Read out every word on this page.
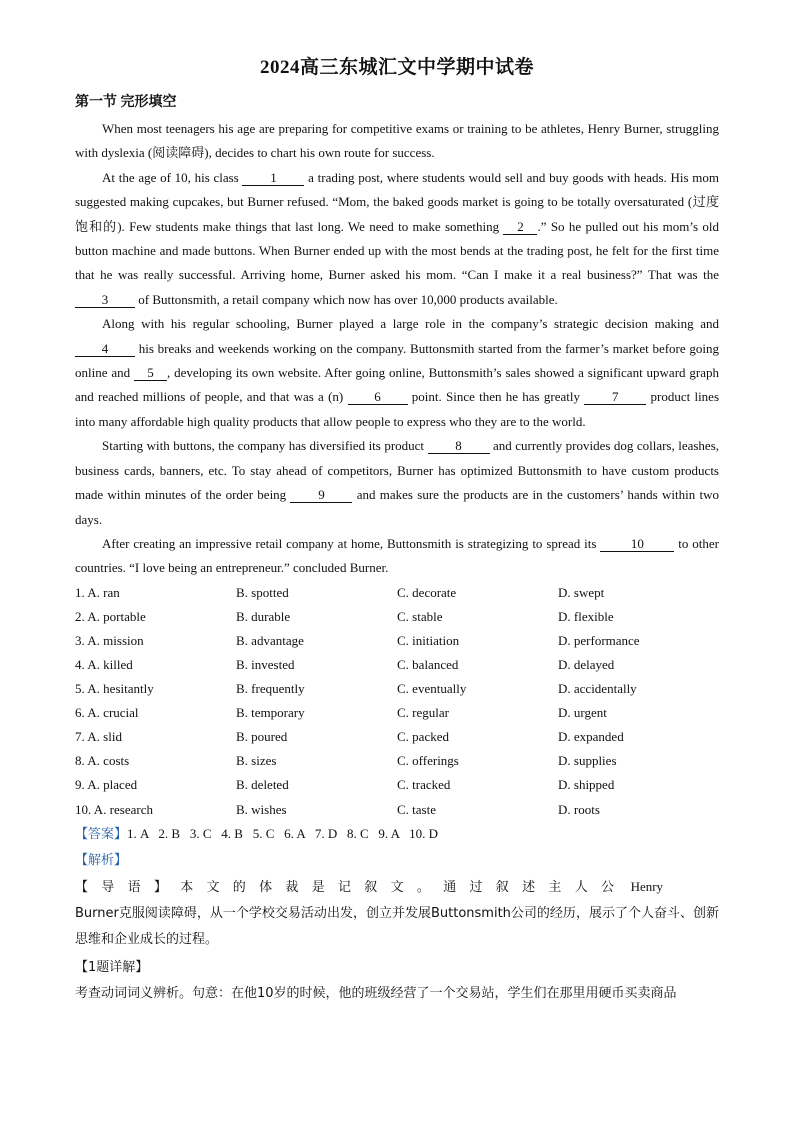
2024高三东城汇文中学期中试卷
第一节 完形填空

When most teenagers his age are preparing for competitive exams or training to be athletes, Henry Burner, struggling with dyslexia (阅读障碍), decides to chart his own route for success.

At the age of 10, his class 1 a trading post, where students would sell and buy goods with heads. His mom suggested making cupcakes, but Burner refused. “Mom, the baked goods market is going to be totally oversaturated (过度饱和的). Few students make things that last long. We need to make something 2 .” So he pulled out his mom’s old button machine and made buttons. When Burner ended up with the most bends at the trading post, he felt for the first time that he was really successful. Arriving home, Burner asked his mom. “Can I make it a real business?” That was the 3 of Buttonsmith, a retail company which now has over 10,000 products available.

Along with his regular schooling, Burner played a large role in the company’s strategic decision making and 4 his breaks and weekends working on the company. Buttonsmith started from the farmer’s market before going online and 5 , developing its own website. After going online, Buttonsmith’s sales showed a significant upward graph and reached millions of people, and that was a (n) 6 point. Since then he has greatly 7 product lines into many affordable high quality products that allow people to express who they are to the world.

Starting with buttons, the company has diversified its product 8 and currently provides dog collars, leashes, business cards, banners, etc. To stay ahead of competitors, Burner has optimized Buttonsmith to have custom products made within minutes of the order being 9 and makes sure the products are in the customers’ hands within two days.

After creating an impressive retail company at home, Buttonsmith is strategizing to spread its 10 to other countries. “I love being an entrepreneur.” concluded Burner.

1. A. ran	B. spotted	C. decorate	D. swept
2. A. portable	B. durable	C. stable	D. flexible
3. A. mission	B. advantage	C. initiation	D. performance
4. A. killed	B. invested	C. balanced	D. delayed
5. A. hesitantly	B. frequently	C. eventually	D. accidentally
6. A. crucial	B. temporary	C. regular	D. urgent
7. A. slid	B. poured	C. packed	D. expanded
8. A. costs	B. sizes	C. offerings	D. supplies
9. A. placed	B. deleted	C. tracked	D. shipped
10. A. research	B. wishes	C. taste	D. roots
【答案】1. A   2. B   3. C   4. B   5. C   6. A   7. D   8. C   9. A   10. D
【解析】
【导语】本文的体裁是记叙文。通过叙述主人公 Henry
Burner克服阅读障碍，从一个学校交易活动出发，创立并发展Buttonsmith公司的经历，展示了个人奋斗、创新思维和企业成长的过程。
【1题详解】
考查动词词义辨析。句意：在他10岁的时候，他的班级经营了一个交易站，学生们在那里用硬币买卖商品
